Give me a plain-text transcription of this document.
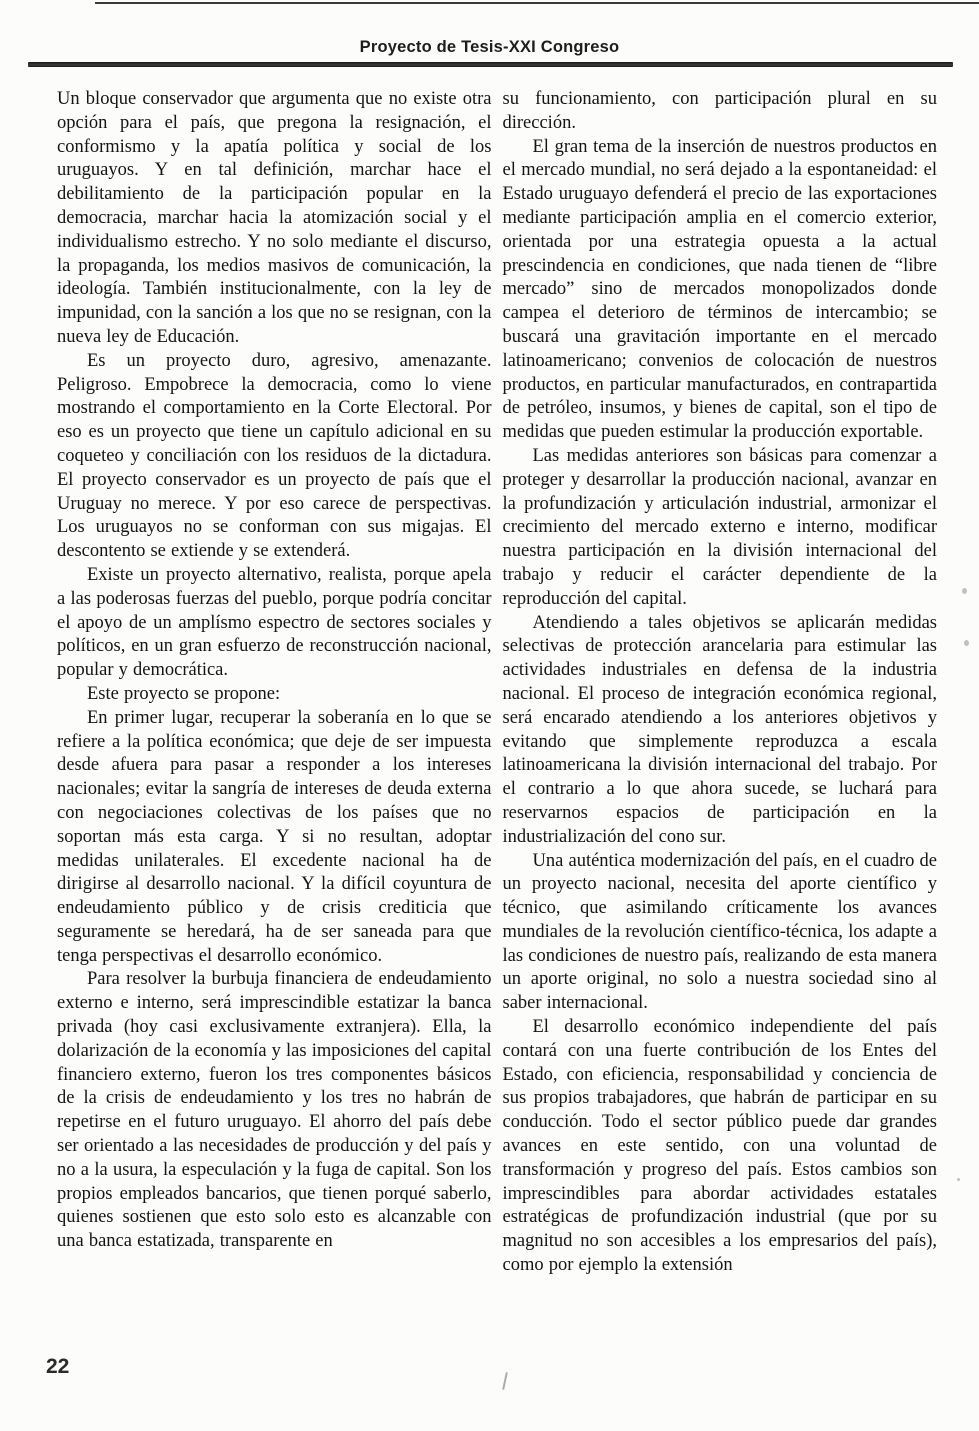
Proyecto de Tesis-XXI Congreso

Un bloque conservador que argumenta que no existe otra opción para el país, que pregona la resignación, el conformismo y la apatía política y social de los uruguayos. Y en tal definición, marchar hace el debilitamiento de la participación popular en la democracia, marchar hacia la atomización social y el individualismo estrecho. Y no solo mediante el discurso, la propaganda, los medios masivos de comunicación, la ideología. También institucionalmente, con la ley de impunidad, con la sanción a los que no se resignan, con la nueva ley de Educación.

Es un proyecto duro, agresivo, amenazante. Peligroso. Empobrece la democracia, como lo viene mostrando el comportamiento en la Corte Electoral. Por eso es un proyecto que tiene un capítulo adicional en su coqueteo y conciliación con los residuos de la dictadura. El proyecto conservador es un proyecto de país que el Uruguay no merece. Y por eso carece de perspectivas. Los uruguayos no se conforman con sus migajas. El descontento se extiende y se extenderá.

Existe un proyecto alternativo, realista, porque apela a las poderosas fuerzas del pueblo, porque podría concitar el apoyo de un amplísmo espectro de sectores sociales y políticos, en un gran esfuerzo de reconstrucción nacional, popular y democrática.

Este proyecto se propone:

En primer lugar, recuperar la soberanía en lo que se refiere a la política económica; que deje de ser impuesta desde afuera para pasar a responder a los intereses nacionales; evitar la sangría de intereses de deuda externa con negociaciones colectivas de los países que no soportan más esta carga. Y si no resultan, adoptar medidas unilaterales. El excedente nacional ha de dirigirse al desarrollo nacional. Y la difícil coyuntura de endeudamiento público y de crisis crediticia que seguramente se heredará, ha de ser saneada para que tenga perspectivas el desarrollo económico.

Para resolver la burbuja financiera de endeudamiento externo e interno, será imprescindible estatizar la banca privada (hoy casi exclusivamente extranjera). Ella, la dolarización de la economía y las imposiciones del capital financiero externo, fueron los tres componentes básicos de la crisis de endeudamiento y los tres no habrán de repetirse en el futuro uruguayo. El ahorro del país debe ser orientado a las necesidades de producción y del país y no a la usura, la especulación y la fuga de capital. Son los propios empleados bancarios, que tienen porqué saberlo, quienes sostienen que esto solo esto es alcanzable con una banca estatizada, transparente en

su funcionamiento, con participación plural en su dirección.

El gran tema de la inserción de nuestros productos en el mercado mundial, no será dejado a la espontaneidad: el Estado uruguayo defenderá el precio de las exportaciones mediante participación amplia en el comercio exterior, orientada por una estrategia opuesta a la actual prescindencia en condiciones, que nada tienen de “libre mercado” sino de mercados monopolizados donde campea el deterioro de términos de intercambio; se buscará una gravitación importante en el mercado latinoamericano; convenios de colocación de nuestros productos, en particular manufacturados, en contrapartida de petróleo, insumos, y bienes de capital, son el tipo de medidas que pueden estimular la producción exportable.

Las medidas anteriores son básicas para comenzar a proteger y desarrollar la producción nacional, avanzar en la profundización y articulación industrial, armonizar el crecimiento del mercado externo e interno, modificar nuestra participación en la división internacional del trabajo y reducir el carácter dependiente de la reproducción del capital.

Atendiendo a tales objetivos se aplicarán medidas selectivas de protección arancelaria para estimular las actividades industriales en defensa de la industria nacional. El proceso de integración económica regional, será encarado atendiendo a los anteriores objetivos y evitando que simplemente reproduzca a escala latinoamericana la división internacional del trabajo. Por el contrario a lo que ahora sucede, se luchará para reservarnos espacios de participación en la industrialización del cono sur.

Una auténtica modernización del país, en el cuadro de un proyecto nacional, necesita del aporte científico y técnico, que asimilando críticamente los avances mundiales de la revolución científico-técnica, los adapte a las condiciones de nuestro país, realizando de esta manera un aporte original, no solo a nuestra sociedad sino al saber internacional.

El desarrollo económico independiente del país contará con una fuerte contribución de los Entes del Estado, con eficiencia, responsabilidad y conciencia de sus propios trabajadores, que habrán de participar en su conducción. Todo el sector público puede dar grandes avances en este sentido, con una voluntad de transformación y progreso del país. Estos cambios son imprescindibles para abordar actividades estatales estratégicas de profundización industrial (que por su magnitud no son accesibles a los empresarios del país), como por ejemplo la extensión

22
